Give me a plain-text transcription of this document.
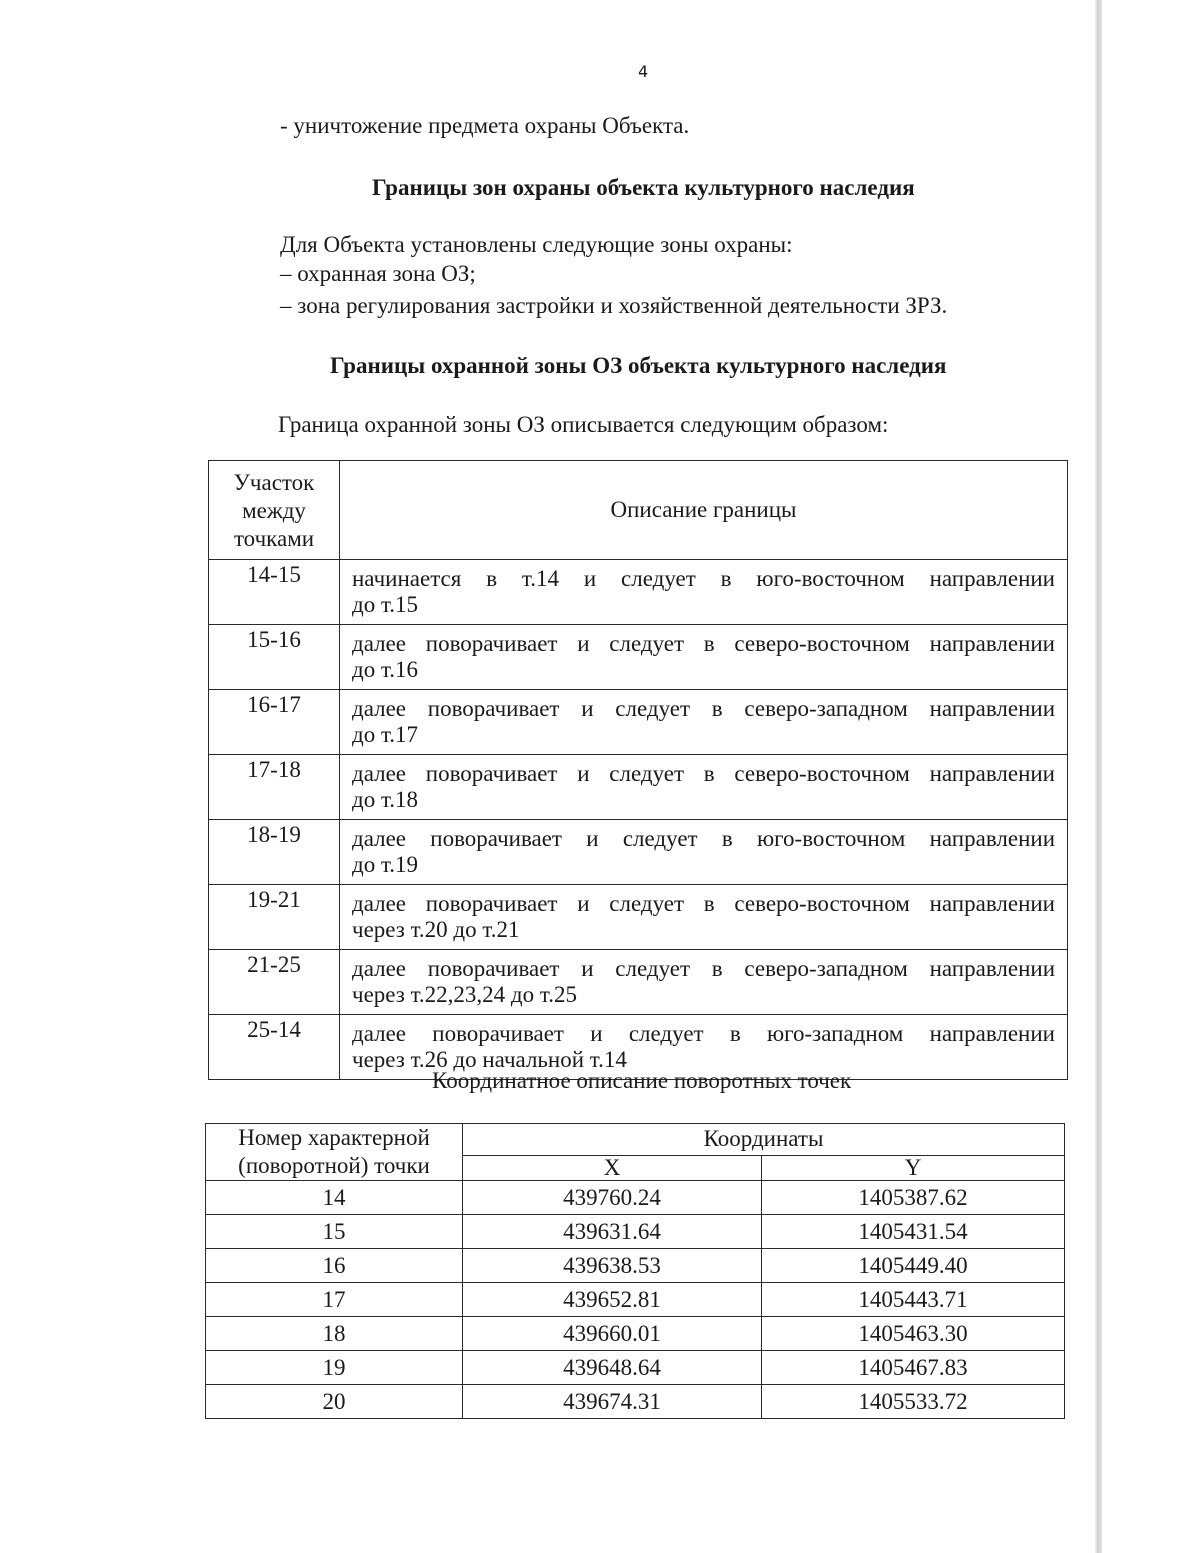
4
- уничтожение предмета охраны Объекта.
Границы зон охраны объекта культурного наследия
Для Объекта установлены следующие зоны охраны:
– охранная зона ОЗ;
– зона регулирования застройки и хозяйственной деятельности ЗРЗ.
Границы охранной зоны ОЗ объекта культурного наследия
Граница охранной зоны ОЗ описывается следующим образом:
Участок
между
точками	Описание границы
14-15	начинается в т.14 и следует в юго-восточном направлении
до т.15
15-16	далее поворачивает и следует в северо-восточном направлении
до т.16
16-17	далее поворачивает и следует в северо-западном направлении
до т.17
17-18	далее поворачивает и следует в северо-восточном направлении
до т.18
18-19	далее поворачивает и следует в юго-восточном направлении
до т.19
19-21	далее поворачивает и следует в северо-восточном направлении
через т.20 до т.21
21-25	далее поворачивает и следует в северо-западном направлении
через т.22,23,24 до т.25
25-14	далее поворачивает и следует в юго-западном направлении
через т.26 до начальной т.14
Координатное описание поворотных точек
Номер характерной
(поворотной) точки	Координаты	
	X	Y
14	439760.24	1405387.62
15	439631.64	1405431.54
16	439638.53	1405449.40
17	439652.81	1405443.71
18	439660.01	1405463.30
19	439648.64	1405467.83
20	439674.31	1405533.72
